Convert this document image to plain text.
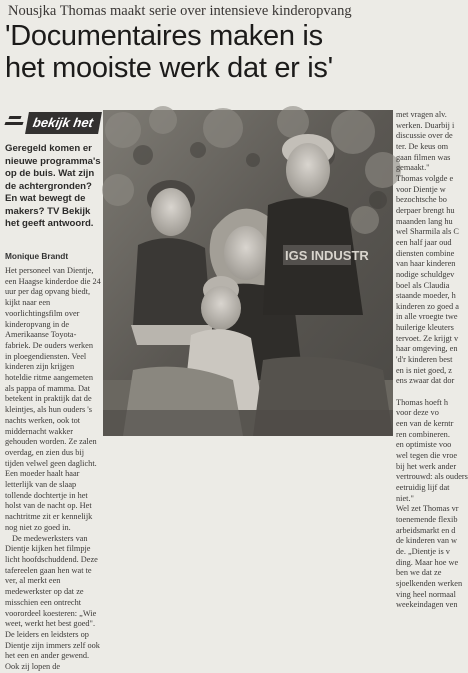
Nousjka Thomas maakt serie over intensieve kinderopvang
'Documentaires maken is
het mooiste werk dat er is'
bekijk het
Geregeld komen er nieuwe programma's op de buis. Wat zijn de achtergronden? En wat bewegt de makers? TV Bekijk het geeft antwoord.
Monique Brandt

Het personeel van Dientje, een Haagse kinderdoe die 24 uur per dag opvang biedt, kijkt naar een voorlichtingsfilm over kinderopvang in de Amerikaanse Toyota-fabriek. De ouders werken in ploegendiensten. Veel kinderen zijn krijgen hoteldie ritme aangemeten als pappa of mamma. Dat betekent in praktijk dat de kleintjes, als hun ouders 's nachts werken, ook tot middernacht wakker gehouden worden. Ze zalen overdag, en zien dus bij tijden velwel geen daglicht. Een moeder haalt haar letterlijk van de slaap tollende dochtertje in het holst van de nacht op. Het nachtritme zit er kennelijk nog niet zo goed in.

De medewerksters van Dientje kijken het filmpje licht hoofdschuddend. Deze tafereelen gaan hen wat te ver, al merkt een medewerkster op dat ze misschien een ontrecht voorordeel koesteren: „Wie weet, werkt het best goed". De leiders en leidsters op Dientje zijn immers zelf ook het een en ander gewend. Ook zij lopen de

IGS INDUSTR
met vragen alv.
werken. Duarbij i
discussie over de
ter. De keus om
gaan filmen was
gemaakt."
Thomas volgde e
voor Dientje w
bezochtsche bo
derpaer brengt hu
maanden lang hu
wel Sharmila als C
een half jaar oud
diensten combine
van haar kinderen
nodige schuldgev
boel als Claudia
staande moeder, h
kinderen zo goed a
in alle vroegte twe
huilerige kleuters
tervoet. Ze krijgt v
haar omgeving, en
'd'r kinderen best
en is niet goed, z
ens zwaar dat dor
Thomas hoeft h
voor deze vo
een van de kerntr
ren combineren.
en optimiste voo
wel tegen die vroe
bij het werk ander
vertrouwd: als ouders
eetruidig lijf dat
niet."
Wel zet Thomas vr
toenemende flexib
arbeidsmarkt en d
de kinderen van w
de. „Dientje is v
ding. Maar hoe we
ben we dat ze
sjoelkenden werken
ving heel normaal
weekeindagen ven
